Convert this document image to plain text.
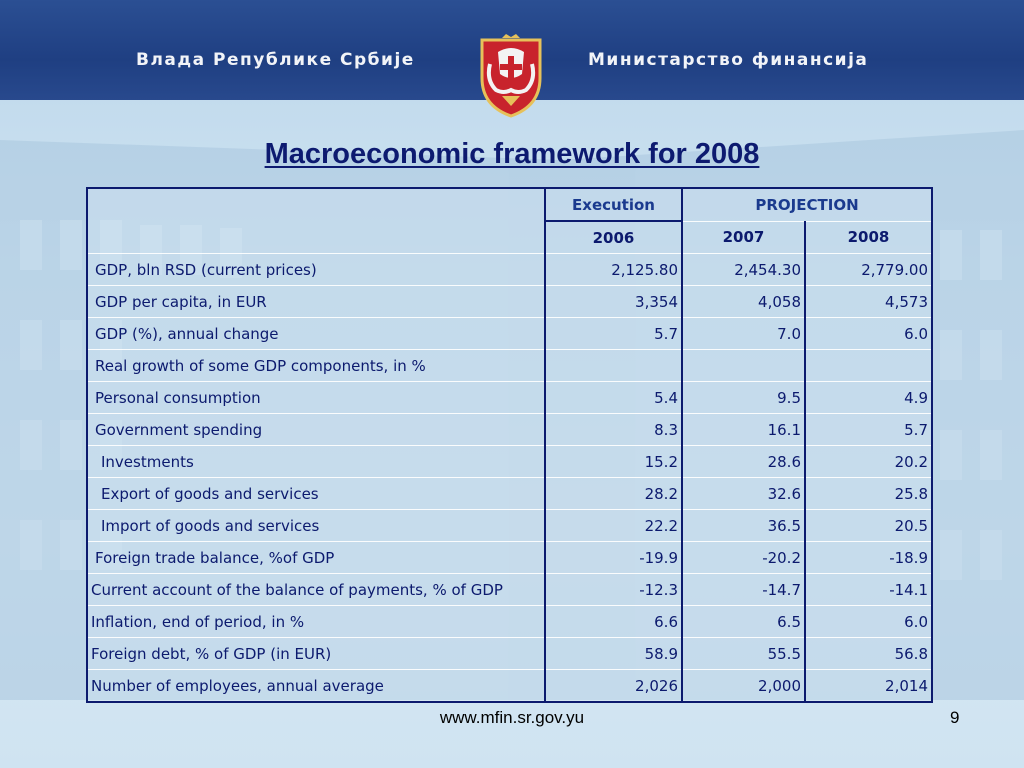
Влада Републике Србије	Министарство финансија
Macroeconomic framework for 2008
	Execution	PROJECTION	
	2006	2007	2008
GDP, bln RSD (current prices)	2,125.80	2,454.30	2,779.00
GDP per capita, in EUR	3,354	4,058	4,573
GDP (%), annual change	5.7	7.0	6.0
Real growth of some GDP components, in %			
Personal consumption	5.4	9.5	4.9
Government spending	8.3	16.1	5.7
Investments	15.2	28.6	20.2
Export of goods and services	28.2	32.6	25.8
Import of goods and services	22.2	36.5	20.5
Foreign trade balance, %of GDP	-19.9	-20.2	-18.9
Current account of the balance of payments, % of GDP	-12.3	-14.7	-14.1
Inflation, end of period, in %	6.6	6.5	6.0
Foreign debt, % of GDP (in EUR)	58.9	55.5	56.8
Number of employees, annual average	2,026	2,000	2,014
www.mfin.sr.gov.yu	9
